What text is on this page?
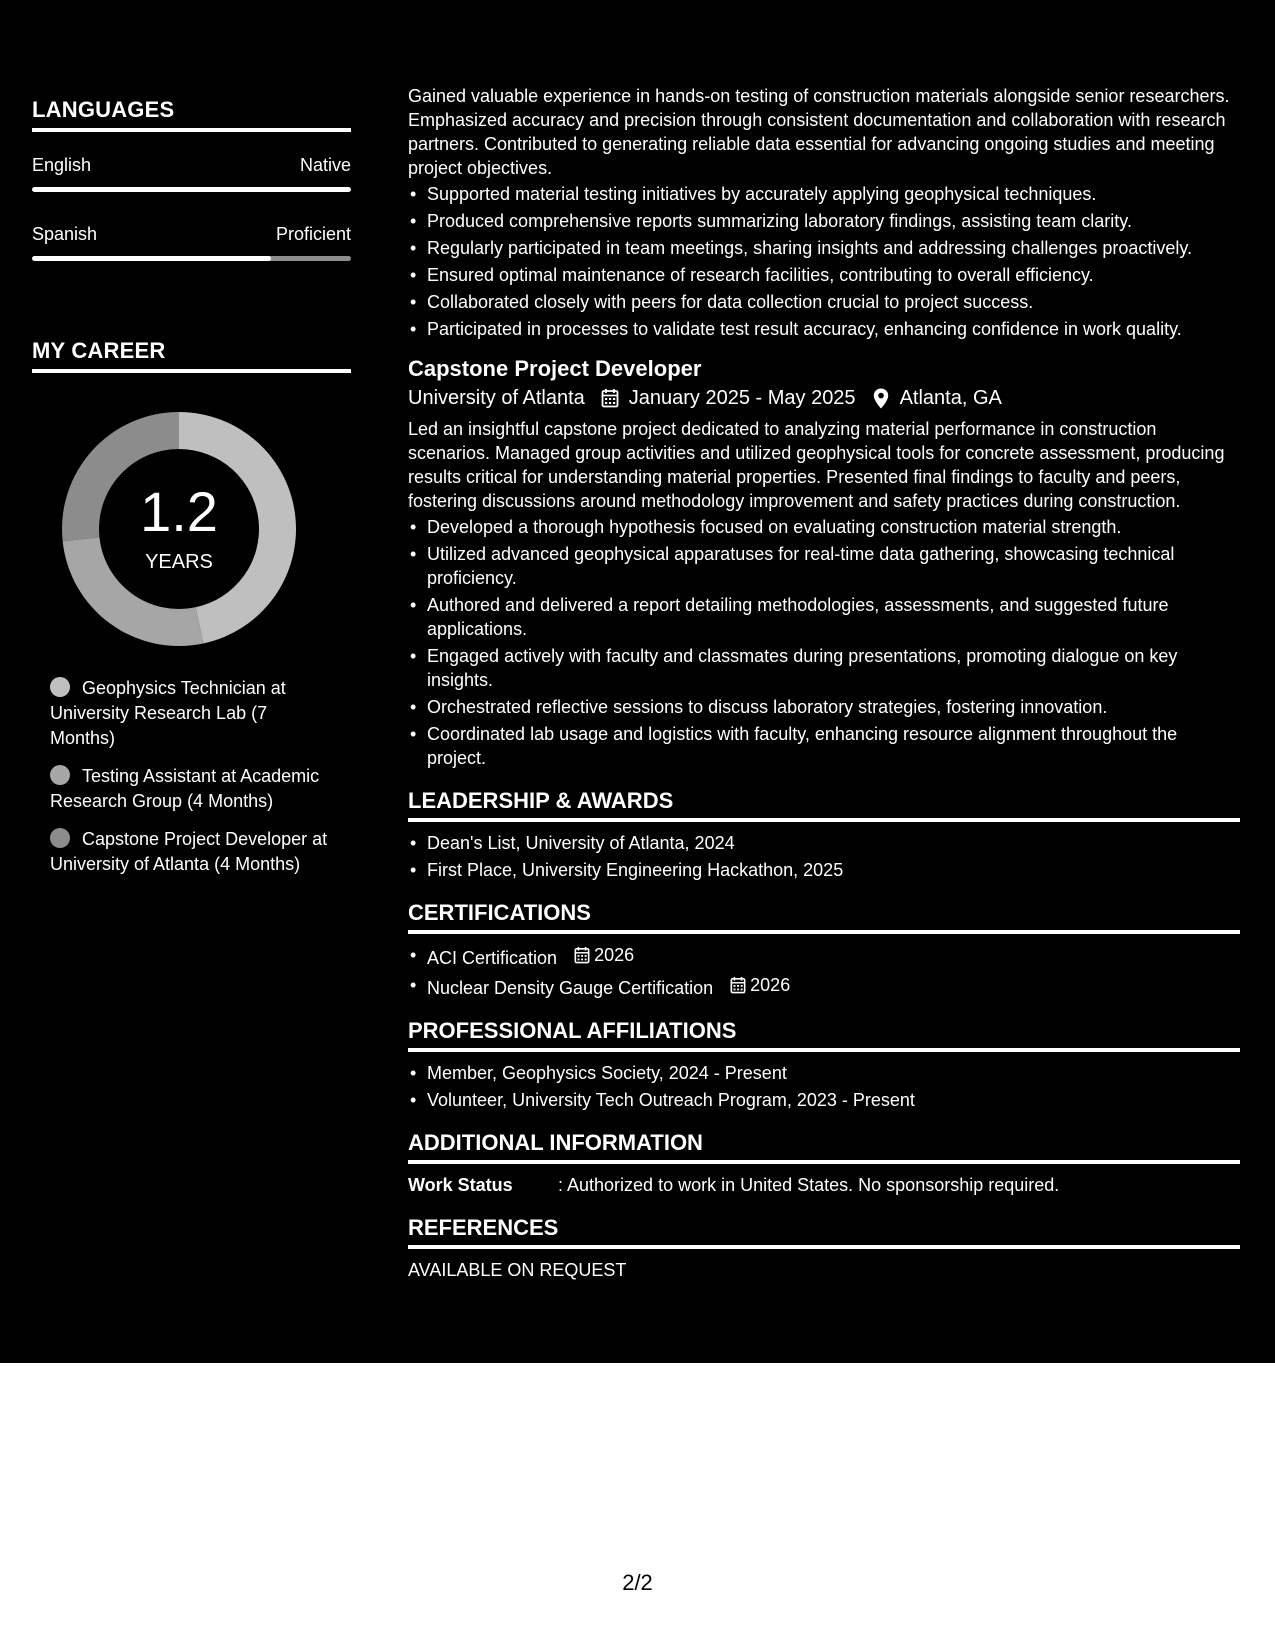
LANGUAGES
English	Native
Spanish	Proficient
MY CAREER
1.2
YEARS
Geophysics Technician at University Research Lab (7 Months)
Testing Assistant at Academic Research Group (4 Months)
Capstone Project Developer at University of Atlanta (4 Months)

Gained valuable experience in hands-on testing of construction materials alongside senior researchers. Emphasized accuracy and precision through consistent documentation and collaboration with research partners. Contributed to generating reliable data essential for advancing ongoing studies and meeting project objectives.

• Supported material testing initiatives by accurately applying geophysical techniques.
• Produced comprehensive reports summarizing laboratory findings, assisting team clarity.
• Regularly participated in team meetings, sharing insights and addressing challenges proactively.
• Ensured optimal maintenance of research facilities, contributing to overall efficiency.
• Collaborated closely with peers for data collection crucial to project success.
• Participated in processes to validate test result accuracy, enhancing confidence in work quality.
Capstone Project Developer
University of Atlanta January 2025 - May 2025 Atlanta, GA

Led an insightful capstone project dedicated to analyzing material performance in construction scenarios. Managed group activities and utilized geophysical tools for concrete assessment, producing results critical for understanding material properties. Presented final findings to faculty and peers, fostering discussions around methodology improvement and safety practices during construction.

• Developed a thorough hypothesis focused on evaluating construction material strength.
• Utilized advanced geophysical apparatuses for real-time data gathering, showcasing technical proficiency.
• Authored and delivered a report detailing methodologies, assessments, and suggested future applications.
• Engaged actively with faculty and classmates during presentations, promoting dialogue on key insights.
• Orchestrated reflective sessions to discuss laboratory strategies, fostering innovation.
• Coordinated lab usage and logistics with faculty, enhancing resource alignment throughout the project.
LEADERSHIP & AWARDS
• Dean's List, University of Atlanta, 2024
• First Place, University Engineering Hackathon, 2025
CERTIFICATIONS
• ACI Certification 2026
• Nuclear Density Gauge Certification 2026
PROFESSIONAL AFFILIATIONS
• Member, Geophysics Society, 2024 - Present
• Volunteer, University Tech Outreach Program, 2023 - Present
ADDITIONAL INFORMATION
Work Status	: Authorized to work in United States. No sponsorship required.
REFERENCES
AVAILABLE ON REQUEST
2/2
